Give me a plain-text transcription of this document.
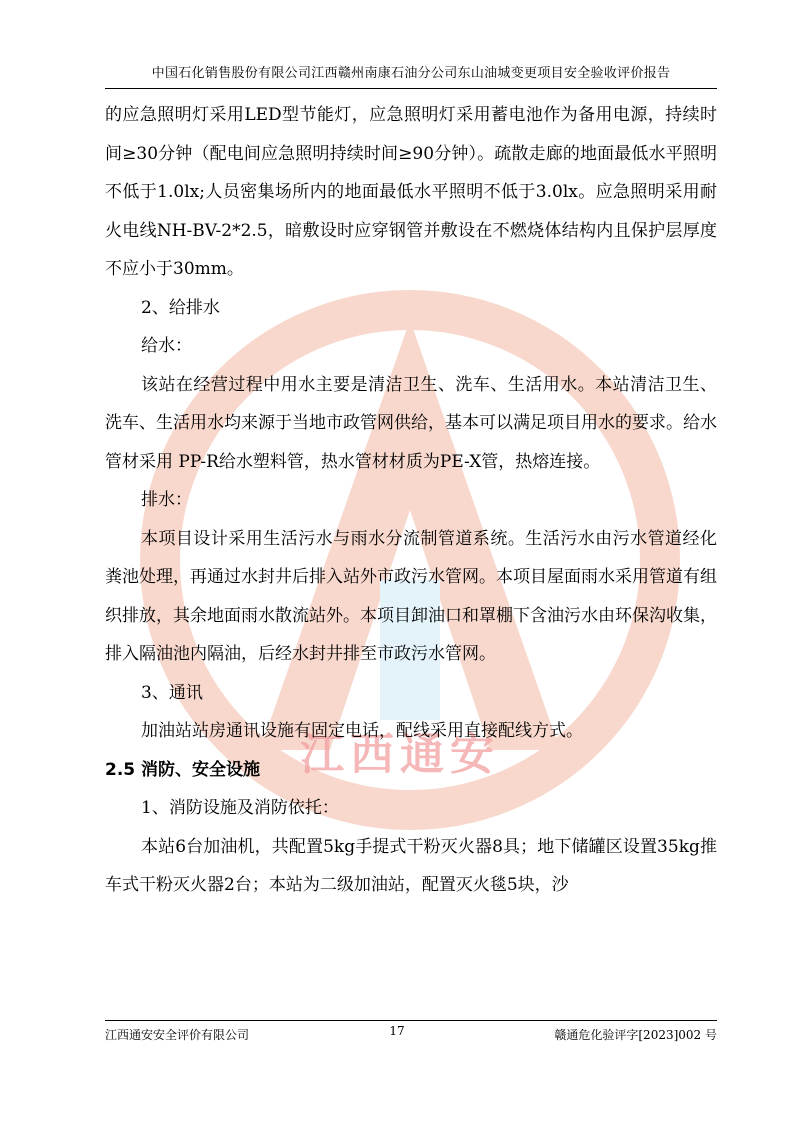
江西通安
中国石化销售股份有限公司江西赣州南康石油分公司东山油城变更项目安全验收评价报告

的应急照明灯采用LED型节能灯，应急照明灯采用蓄电池作为备用电源，持续时间≥30分钟（配电间应急照明持续时间≥90分钟）。疏散走廊的地面最低水平照明不低于1.0lx;人员密集场所内的地面最低水平照明不低于3.0lx。应急照明采用耐火电线NH-BV-2*2.5，暗敷设时应穿钢管并敷设在不燃烧体结构内且保护层厚度不应小于30mm。

2、给排水

给水：

该站在经营过程中用水主要是清洁卫生、洗车、生活用水。本站清洁卫生、洗车、生活用水均来源于当地市政管网供给，基本可以满足项目用水的要求。给水管材采用 PP-R给水塑料管，热水管材材质为PE-X管，热熔连接。

排水：

本项目设计采用生活污水与雨水分流制管道系统。生活污水由污水管道经化粪池处理，再通过水封井后排入站外市政污水管网。本项目屋面雨水采用管道有组织排放，其余地面雨水散流站外。本项目卸油口和罩棚下含油污水由环保沟收集，排入隔油池内隔油，后经水封井排至市政污水管网。

3、通讯

加油站站房通讯设施有固定电话，配线采用直接配线方式。

2.5 消防、安全设施

1、消防设施及消防依托：

本站6台加油机，共配置5kg手提式干粉灭火器8具；地下储罐区设置35kg推车式干粉灭火器2台；本站为二级加油站，配置灭火毯5块，沙

江西通安安全评价有限公司	17	赣通危化验评字[2023]002 号
